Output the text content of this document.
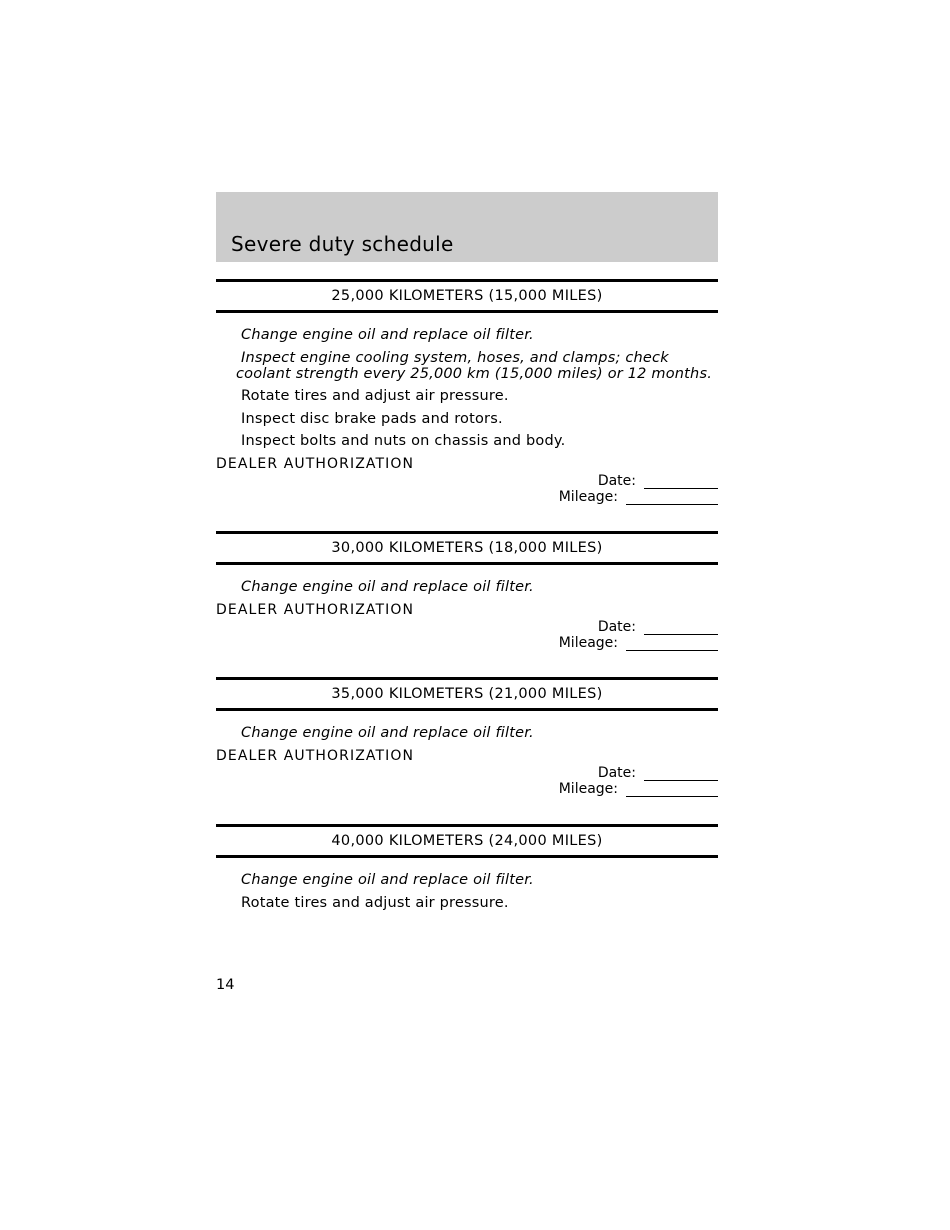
Severe duty schedule
25,000 KILOMETERS (15,000 MILES)
Change engine oil and replace oil filter.
Inspect engine cooling system, hoses, and clamps; check coolant strength every 25,000 km (15,000 miles) or 12 months.
Rotate tires and adjust air pressure.
Inspect disc brake pads and rotors.
Inspect bolts and nuts on chassis and body.
DEALER AUTHORIZATION
Date:
Mileage:
30,000 KILOMETERS (18,000 MILES)
Change engine oil and replace oil filter.
DEALER AUTHORIZATION
Date:
Mileage:
35,000 KILOMETERS (21,000 MILES)
Change engine oil and replace oil filter.
DEALER AUTHORIZATION
Date:
Mileage:
40,000 KILOMETERS (24,000 MILES)
Change engine oil and replace oil filter.
Rotate tires and adjust air pressure.
14
